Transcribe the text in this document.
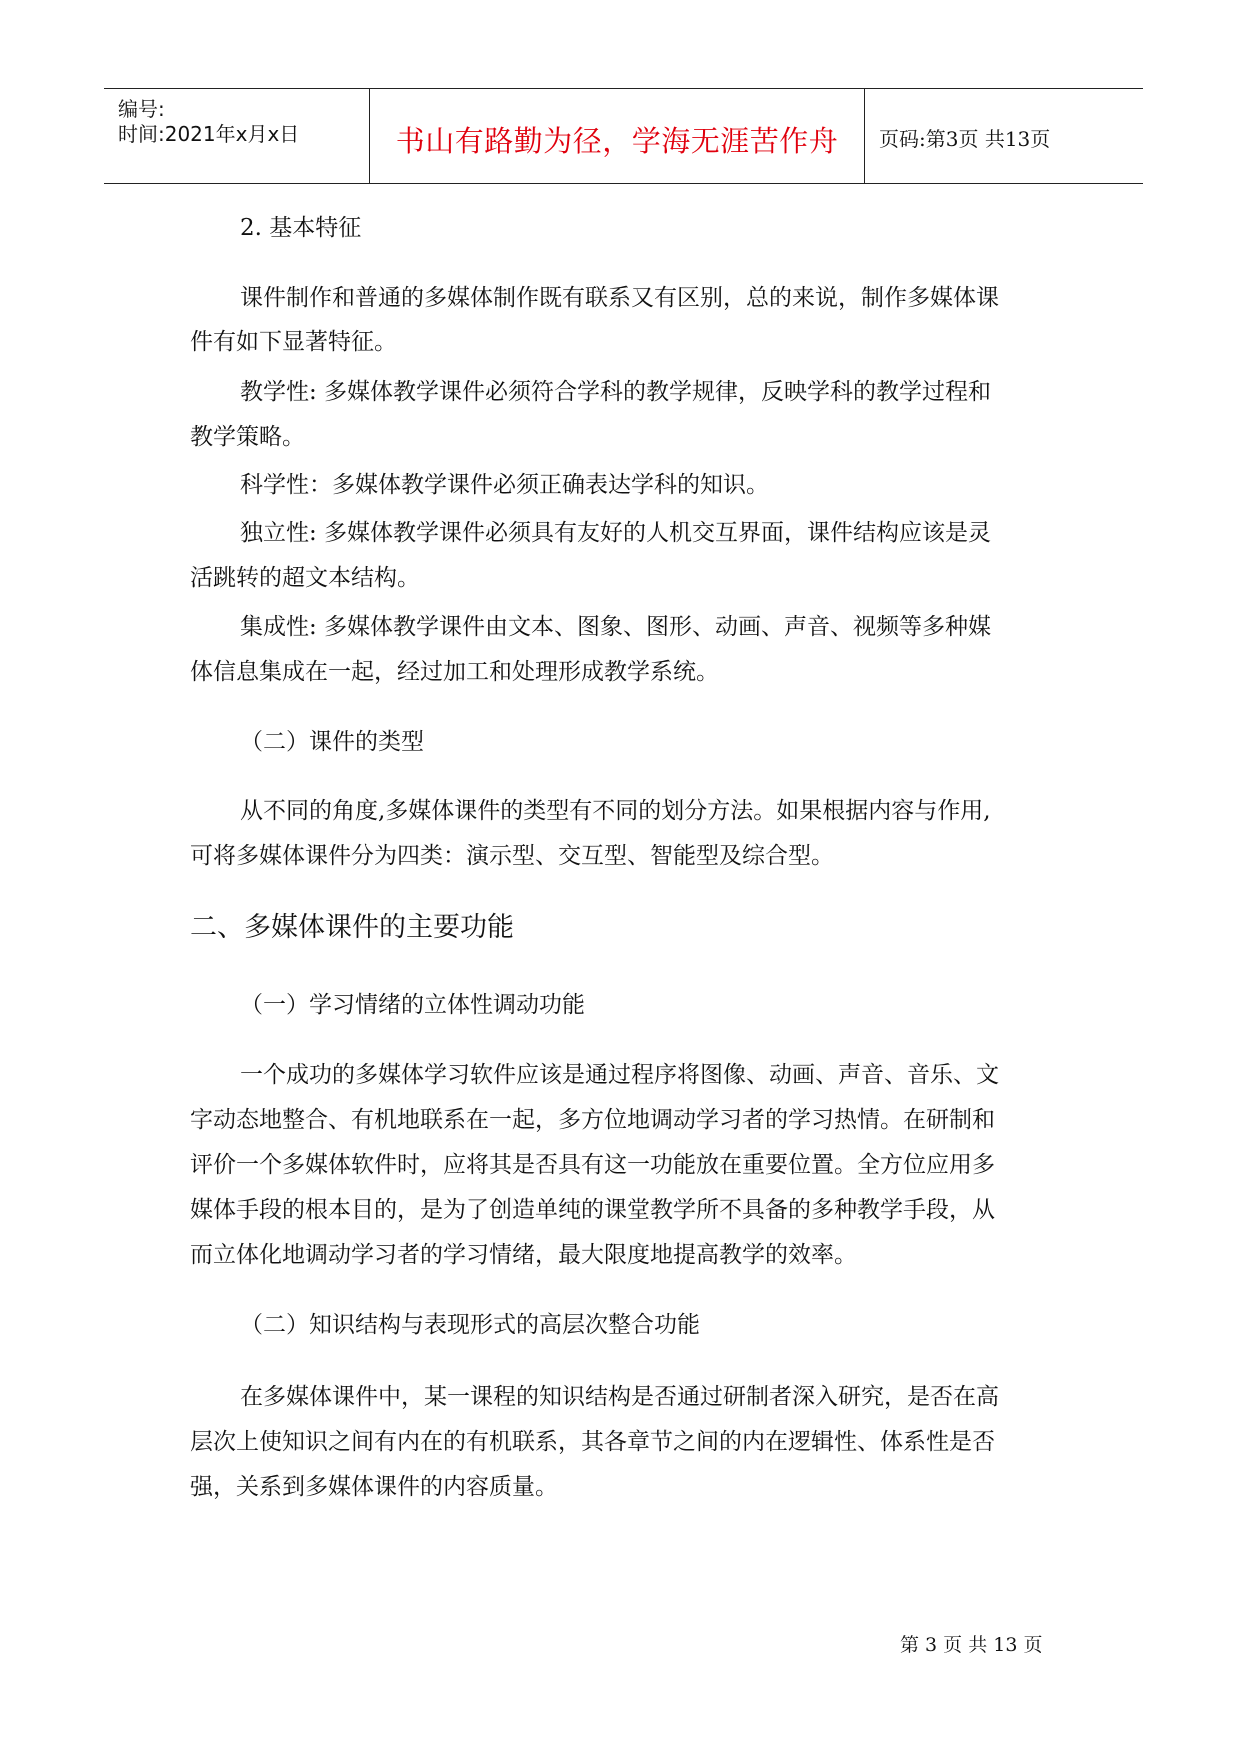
编号:
时间:2021年x月x日	书山有路勤为径，学海无涯苦作舟	页码:第3页 共13页
2. 基本特征
课件制作和普通的多媒体制作既有联系又有区别，总的来说，制作多媒体课
件有如下显著特征。
教学性: 多媒体教学课件必须符合学科的教学规律，反映学科的教学过程和
教学策略。
科学性：多媒体教学课件必须正确表达学科的知识。
独立性: 多媒体教学课件必须具有友好的人机交互界面，课件结构应该是灵
活跳转的超文本结构。
集成性: 多媒体教学课件由文本、图象、图形、动画、声音、视频等多种媒
体信息集成在一起，经过加工和处理形成教学系统。
（二）课件的类型
从不同的角度,多媒体课件的类型有不同的划分方法。如果根据内容与作用,
可将多媒体课件分为四类：演示型、交互型、智能型及综合型。
二、多媒体课件的主要功能
（一）学习情绪的立体性调动功能
一个成功的多媒体学习软件应该是通过程序将图像、动画、声音、音乐、文
字动态地整合、有机地联系在一起，多方位地调动学习者的学习热情。在研制和
评价一个多媒体软件时，应将其是否具有这一功能放在重要位置。全方位应用多
媒体手段的根本目的，是为了创造单纯的课堂教学所不具备的多种教学手段，从
而立体化地调动学习者的学习情绪，最大限度地提高教学的效率。
（二）知识结构与表现形式的高层次整合功能
在多媒体课件中，某一课程的知识结构是否通过研制者深入研究，是否在高
层次上使知识之间有内在的有机联系，其各章节之间的内在逻辑性、体系性是否
强，关系到多媒体课件的内容质量。
第 3 页 共 13 页
